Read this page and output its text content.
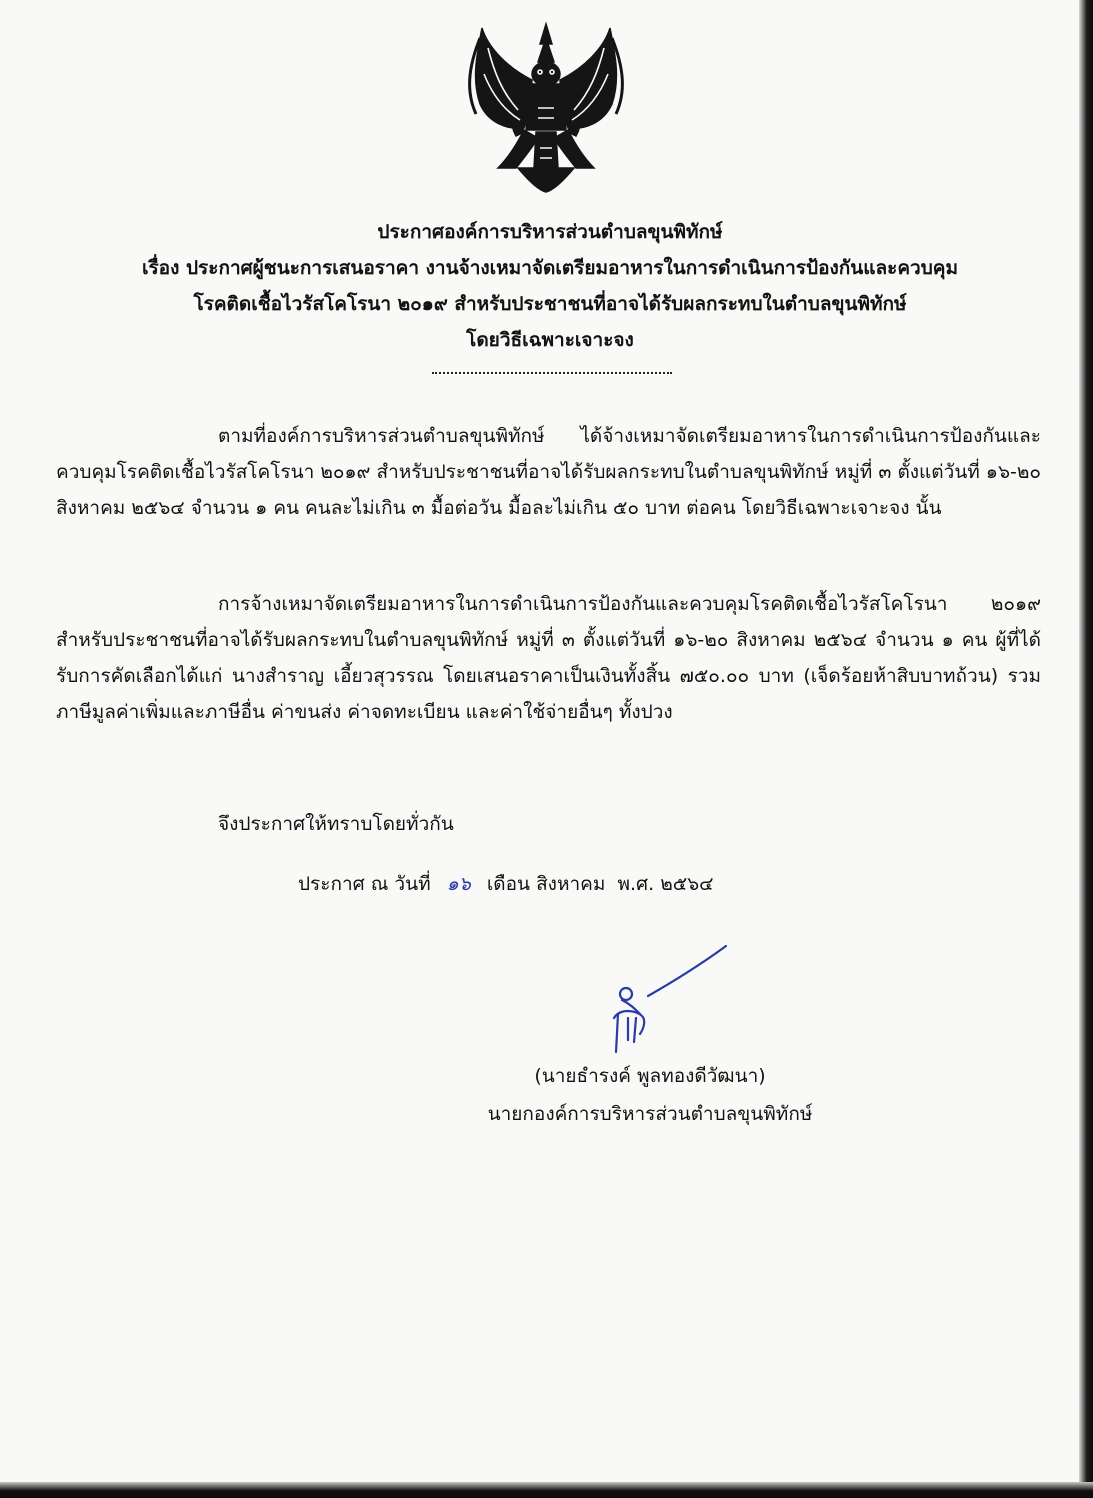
ประกาศองค์การบริหารส่วนตำบลขุนพิทักษ์
เรื่อง ประกาศผู้ชนะการเสนอราคา งานจ้างเหมาจัดเตรียมอาหารในการดำเนินการป้องกันและควบคุม
โรคติดเชื้อไวรัสโคโรนา ๒๐๑๙ สำหรับประชาชนที่อาจได้รับผลกระทบในตำบลขุนพิทักษ์
โดยวิธีเฉพาะเจาะจง
ตามที่องค์การบริหารส่วนตำบลขุนพิทักษ์ ได้จ้างเหมาจัดเตรียมอาหารในการดำเนินการป้องกันและควบคุมโรคติดเชื้อไวรัสโคโรนา ๒๐๑๙ สำหรับประชาชนที่อาจได้รับผลกระทบในตำบลขุนพิทักษ์ หมู่ที่ ๓ ตั้งแต่วันที่ ๑๖-๒๐ สิงหาคม ๒๕๖๔ จำนวน ๑ คน คนละไม่เกิน ๓ มื้อต่อวัน มื้อละไม่เกิน ๕๐ บาท ต่อคน โดยวิธีเฉพาะเจาะจง นั้น
การจ้างเหมาจัดเตรียมอาหารในการดำเนินการป้องกันและควบคุมโรคติดเชื้อไวรัสโคโรนา ๒๐๑๙ สำหรับประชาชนที่อาจได้รับผลกระทบในตำบลขุนพิทักษ์ หมู่ที่ ๓ ตั้งแต่วันที่ ๑๖-๒๐ สิงหาคม ๒๕๖๔ จำนวน ๑ คน ผู้ที่ได้รับการคัดเลือกได้แก่ นางสำราญ เอี้ยวสุวรรณ โดยเสนอราคาเป็นเงินทั้งสิ้น ๗๕๐.๐๐ บาท (เจ็ดร้อยห้าสิบบาทถ้วน) รวมภาษีมูลค่าเพิ่มและภาษีอื่น ค่าขนส่ง ค่าจดทะเบียน และค่าใช้จ่ายอื่นๆ ทั้งปวง
จึงประกาศให้ทราบโดยทั่วกัน
ประกาศ ณ วันที่ ๑๖ เดือน สิงหาคม พ.ศ. ๒๕๖๔
(นายธำรงค์ พูลทองดีวัฒนา)
นายกองค์การบริหารส่วนตำบลขุนพิทักษ์
